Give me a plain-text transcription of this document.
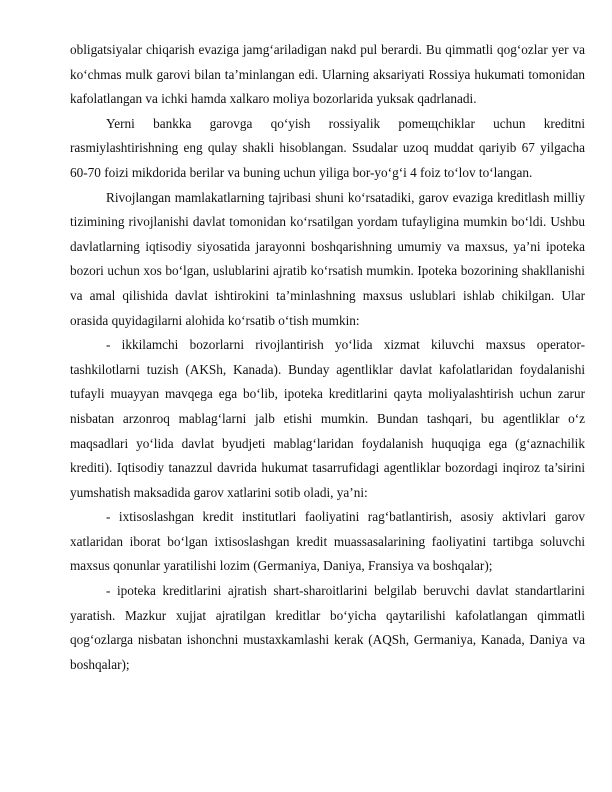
obligatsiyalar chiqarish evaziga jamg‘ariladigan nakd pul berardi. Bu qimmatli qog‘ozlar yer va ko‘chmas mulk garovi bilan ta’minlangan edi. Ularning aksariyati Rossiya hukumati tomonidan kafolatlangan va ichki hamda xalkaro moliya bozorlarida yuksak qadrlanadi.

Yerni bankka garovga qo‘yish rossiyalik pomeщchiklar uchun kreditni rasmiylashtirishning eng qulay shakli hisoblangan. Ssudalar uzoq muddat qariyib 67 yilgacha 60-70 foizi mikdorida berilar va buning uchun yiliga bor-yo‘g‘i 4 foiz to‘lov to‘langan.

Rivojlangan mamlakatlarning tajribasi shuni ko‘rsatadiki, garov evaziga kreditlash milliy tizimining rivojlanishi davlat tomonidan ko‘rsatilgan yordam tufayligina mumkin bo‘ldi. Ushbu davlatlarning iqtisodiy siyosatida jarayonni boshqarishning umumiy va maxsus, ya’ni ipoteka bozori uchun xos bo‘lgan, uslublarini ajratib ko‘rsatish mumkin. Ipoteka bozorining shakllanishi va amal qilishida davlat ishtirokini ta’minlashning maxsus uslublari ishlab chikilgan. Ular orasida quyidagilarni alohida ko‘rsatib o‘tish mumkin:

- ikkilamchi bozorlarni rivojlantirish yo‘lida xizmat kiluvchi maxsus operator-tashkilotlarni tuzish (AKSh, Kanada). Bunday agentliklar davlat kafolatlaridan foydalanishi tufayli muayyan mavqega ega bo‘lib, ipoteka kreditlarini qayta moliyalashtirish uchun zarur nisbatan arzonroq mablag‘larni jalb etishi mumkin. Bundan tashqari, bu agentliklar o‘z maqsadlari yo‘lida davlat byudjeti mablag‘laridan foydalanish huquqiga ega (g‘aznachilik krediti). Iqtisodiy tanazzul davrida hukumat tasarrufidagi agentliklar bozordagi inqiroz ta’sirini yumshatish maksadida garov xatlarini sotib oladi, ya’ni:

- ixtisoslashgan kredit institutlari faoliyatini rag‘batlantirish, asosiy aktivlari garov xatlaridan iborat bo‘lgan ixtisoslashgan kredit muassasalarining faoliyatini tartibga soluvchi maxsus qonunlar yaratilishi lozim (Germaniya, Daniya, Fransiya va boshqalar);

- ipoteka kreditlarini ajratish shart-sharoitlarini belgilab beruvchi davlat standartlarini yaratish. Mazkur xujjat ajratilgan kreditlar bo‘yicha qaytarilishi kafolatlangan qimmatli qog‘ozlarga nisbatan ishonchni mustaxkamlashi kerak (AQSh, Germaniya, Kanada, Daniya va boshqalar);
